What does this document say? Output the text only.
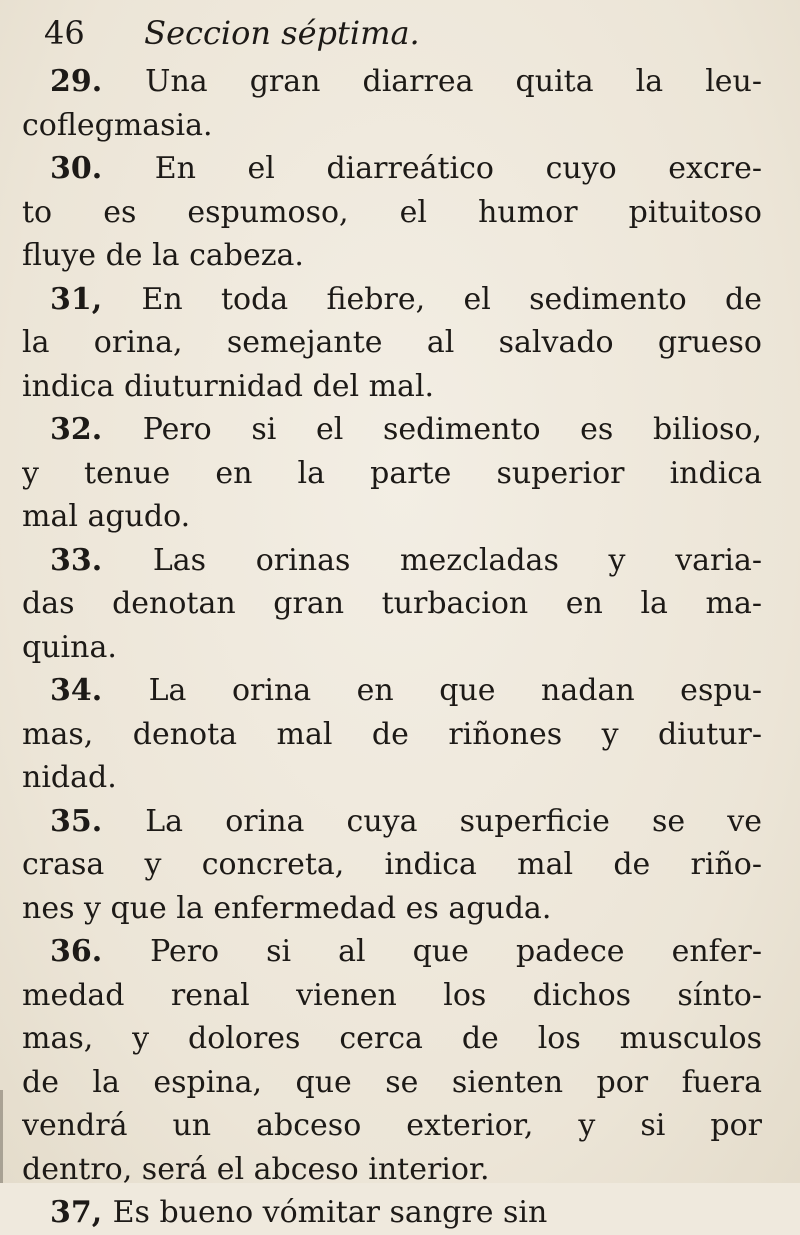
46 Seccion séptima.
29. Una gran diarrea quita la leu-
coflegmasia.
30. En el diarreático cuyo excre-
to es espumoso, el humor pituitoso
fluye de la cabeza.
31, En toda fiebre, el sedimento de
la orina, semejante al salvado grueso
indica diuturnidad del mal.
32. Pero si el sedimento es bilioso,
y tenue en la parte superior indica
mal agudo.
33. Las orinas mezcladas y varia-
das denotan gran turbacion en la ma-
quina.
34. La orina en que nadan espu-
mas, denota mal de riñones y diutur-
nidad.
35. La orina cuya superficie se ve
crasa y concreta, indica mal de riño-
nes y que la enfermedad es aguda.
36. Pero si al que padece enfer-
medad renal vienen los dichos sínto-
mas, y dolores cerca de los musculos
de la espina, que se sienten por fuera
vendrá un abceso exterior, y si por
dentro, será el abceso interior.
37, Es bueno vómitar sangre sin
